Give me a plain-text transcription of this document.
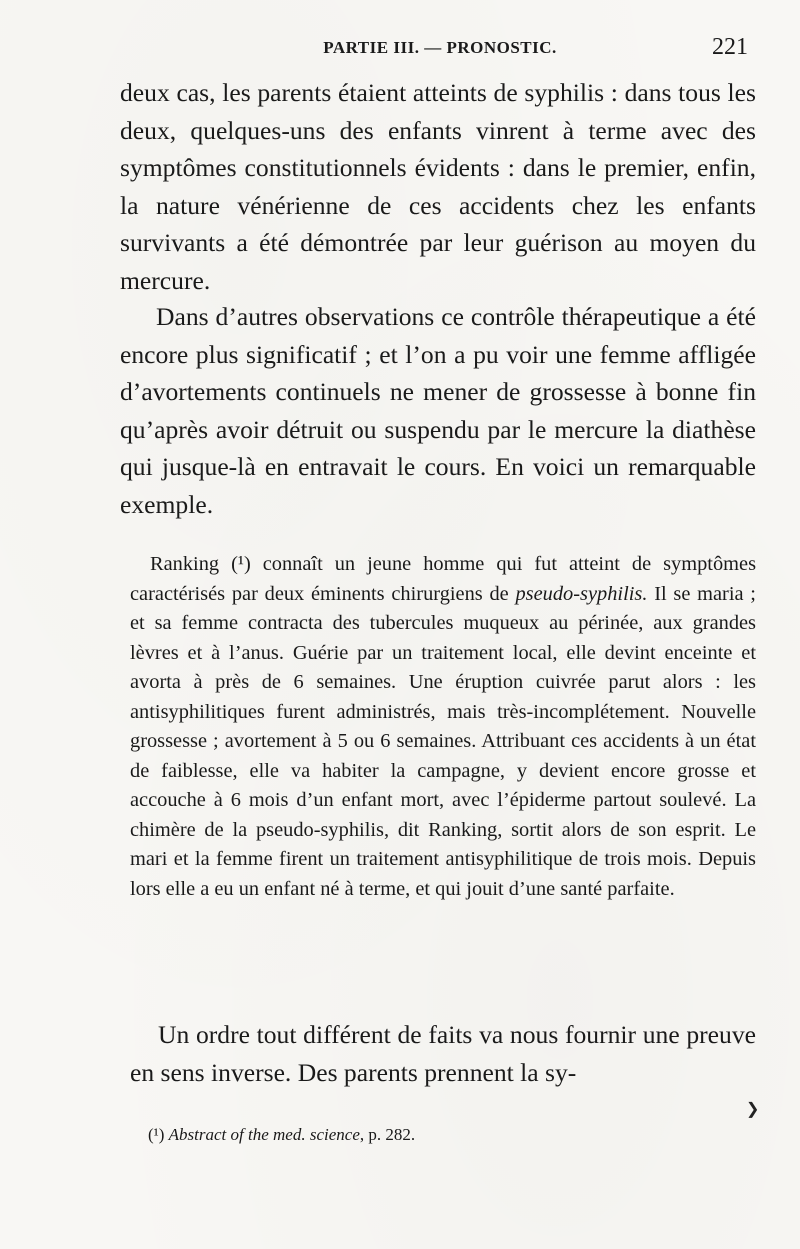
PARTIE III. — PRONOSTIC.	221

deux cas, les parents étaient atteints de syphilis : dans tous les deux, quelques-uns des enfants vinrent à terme avec des symptômes constitutionnels évidents : dans le premier, enfin, la nature vénérienne de ces accidents chez les enfants survivants a été démontrée par leur guérison au moyen du mercure.

Dans d’autres observations ce contrôle thérapeutique a été encore plus significatif ; et l’on a pu voir une femme affligée d’avortements continuels ne mener de grossesse à bonne fin qu’après avoir détruit ou suspendu par le mercure la diathèse qui jusque-là en entravait le cours. En voici un remarquable exemple.

Ranking (¹) connaît un jeune homme qui fut atteint de symptômes caractérisés par deux éminents chirurgiens de pseudo-syphilis. Il se maria ; et sa femme contracta des tubercules muqueux au périnée, aux grandes lèvres et à l’anus. Guérie par un traitement local, elle devint enceinte et avorta à près de 6 semaines. Une éruption cuivrée parut alors : les antisyphilitiques furent administrés, mais très-incomplétement. Nouvelle grossesse ; avortement à 5 ou 6 semaines. Attribuant ces accidents à un état de faiblesse, elle va habiter la campagne, y devient encore grosse et accouche à 6 mois d’un enfant mort, avec l’épiderme partout soulevé. La chimère de la pseudo-syphilis, dit Ranking, sortit alors de son esprit. Le mari et la femme firent un traitement antisyphilitique de trois mois. Depuis lors elle a eu un enfant né à terme, et qui jouit d’une santé parfaite.

Un ordre tout différent de faits va nous fournir une preuve en sens inverse. Des parents prennent la sy-

❯
(¹) Abstract of the med. science, p. 282.
